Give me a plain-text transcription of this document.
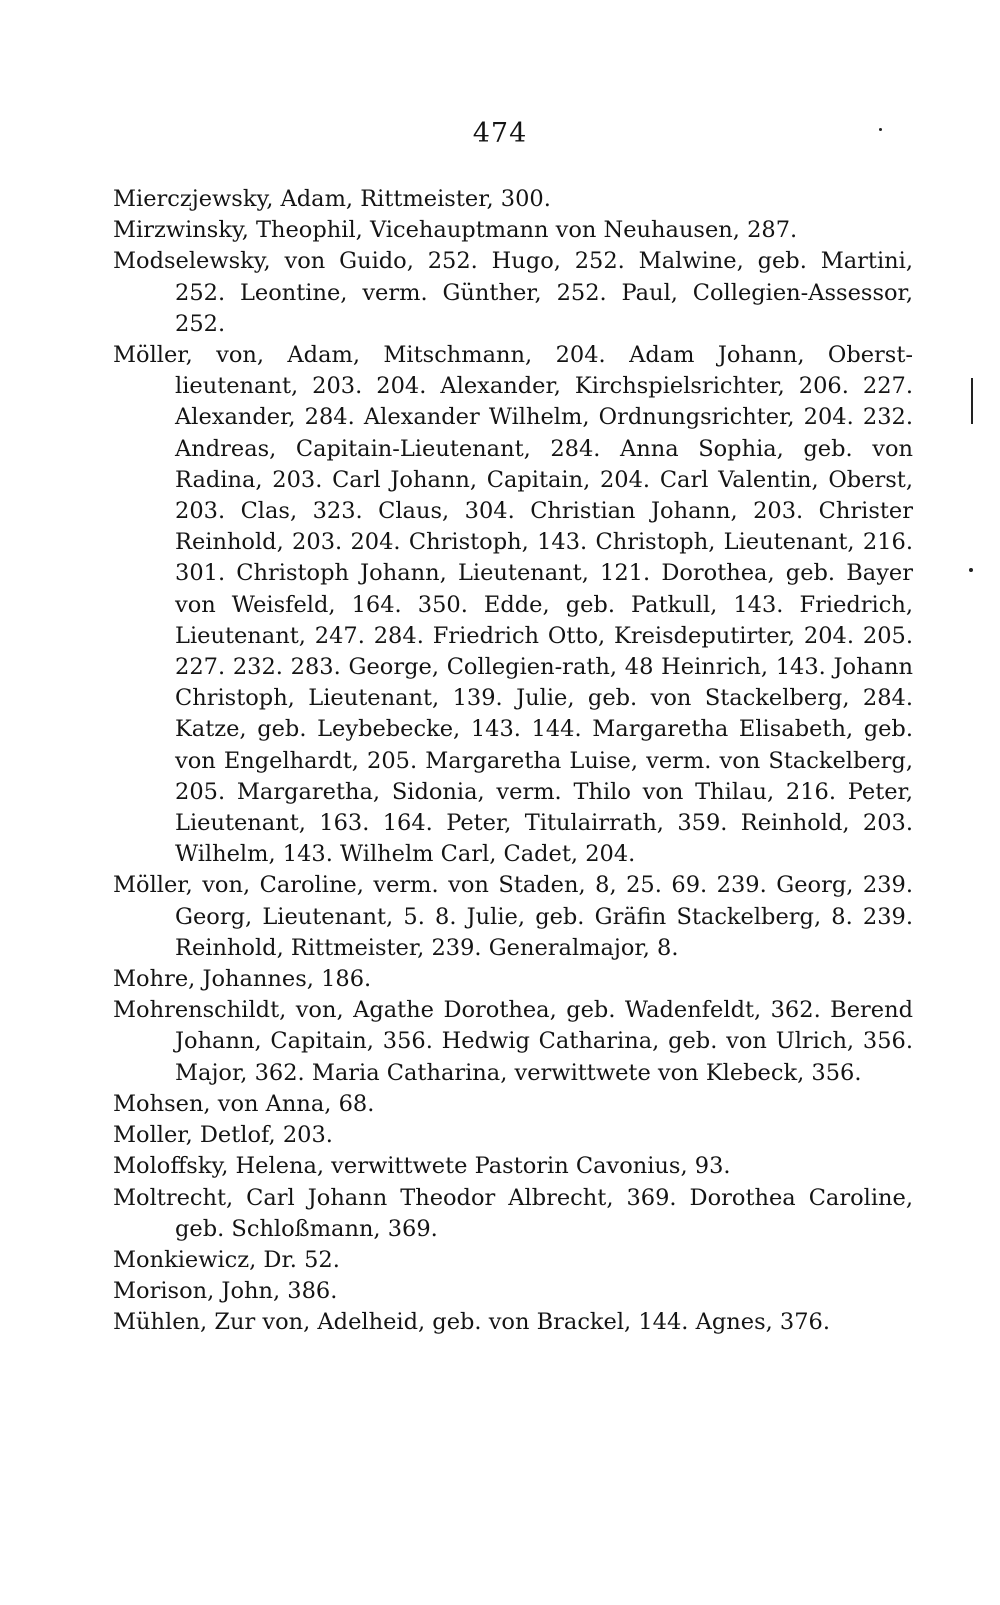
474
Mierczjewsky, Adam, Rittmeister, 300.
Mirzwinsky, Theophil, Vicehauptmann von Neuhausen, 287.
Modselewsky, von Guido, 252. Hugo, 252. Malwine, geb. Martini, 252. Leontine, verm. Günther, 252. Paul, Collegien-Assessor, 252.
Möller, von, Adam, Mitschmann, 204. Adam Johann, Oberst-lieutenant, 203. 204. Alexander, Kirchspielsrichter, 206. 227. Alexander, 284. Alexander Wilhelm, Ordnungsrichter, 204. 232. Andreas, Capitain-Lieutenant, 284. Anna Sophia, geb. von Radina, 203. Carl Johann, Capitain, 204. Carl Valentin, Oberst, 203. Clas, 323. Claus, 304. Christian Johann, 203. Christer Reinhold, 203. 204. Christoph, 143. Christoph, Lieutenant, 216. 301. Christoph Johann, Lieutenant, 121. Dorothea, geb. Bayer von Weisfeld, 164. 350. Edde, geb. Patkull, 143. Friedrich, Lieutenant, 247. 284. Friedrich Otto, Kreisdeputirter, 204. 205. 227. 232. 283. George, Collegien-rath, 48 Heinrich, 143. Johann Christoph, Lieutenant, 139. Julie, geb. von Stackelberg, 284. Katze, geb. Leybebecke, 143. 144. Margaretha Elisabeth, geb. von Engelhardt, 205. Margaretha Luise, verm. von Stackelberg, 205. Margaretha, Sidonia, verm. Thilo von Thilau, 216. Peter, Lieutenant, 163. 164. Peter, Titulairrath, 359. Reinhold, 203. Wilhelm, 143. Wilhelm Carl, Cadet, 204.
Möller, von, Caroline, verm. von Staden, 8, 25. 69. 239. Georg, 239. Georg, Lieutenant, 5. 8. Julie, geb. Gräfin Stackelberg, 8. 239. Reinhold, Rittmeister, 239. Generalmajor, 8.
Mohre, Johannes, 186.
Mohrenschildt, von, Agathe Dorothea, geb. Wadenfeldt, 362. Berend Johann, Capitain, 356. Hedwig Catharina, geb. von Ulrich, 356. Major, 362. Maria Catharina, verwittwete von Klebeck, 356.
Mohsen, von Anna, 68.
Moller, Detlof, 203.
Moloffsky, Helena, verwittwete Pastorin Cavonius, 93.
Moltrecht, Carl Johann Theodor Albrecht, 369. Dorothea Caroline, geb. Schloßmann, 369.
Monkiewicz, Dr. 52.
Morison, John, 386.
Mühlen, Zur von, Adelheid, geb. von Brackel, 144. Agnes, 376.
